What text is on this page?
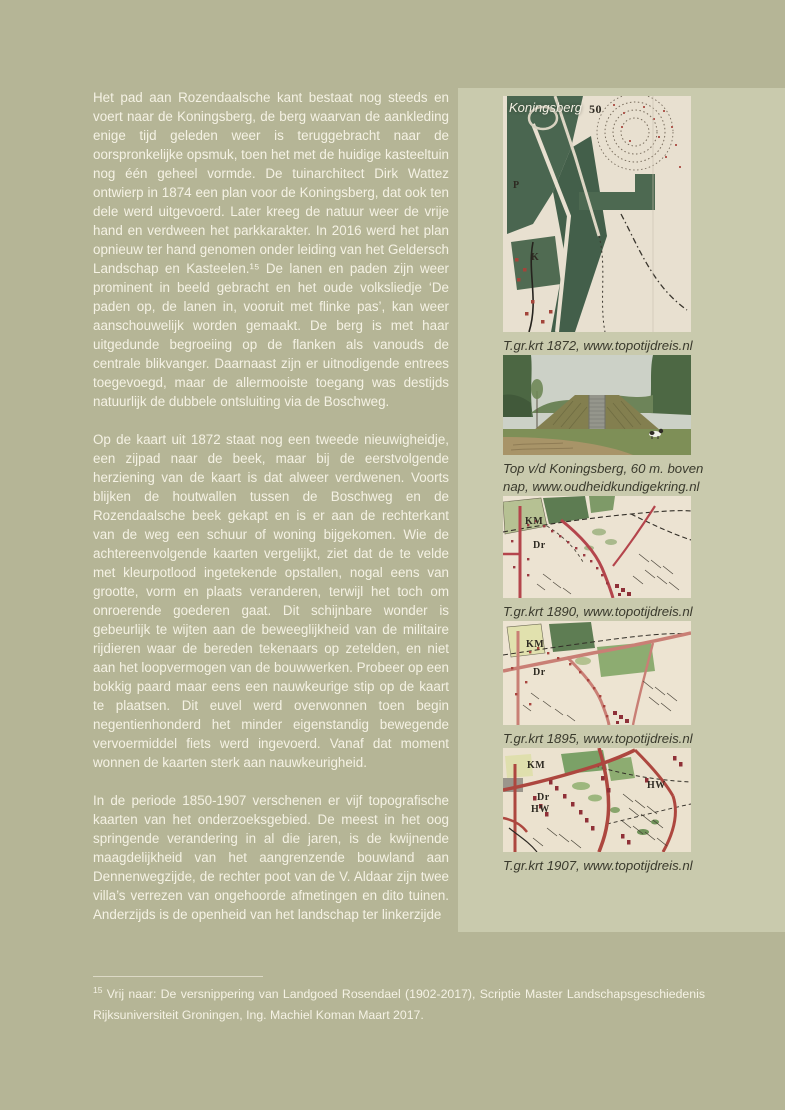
Koningsberg 50
P
K
T.gr.krt 1872, www.topotijdreis.nl
Top v/d Koningsberg, 60 m. boven nap, www.oudheidkundigekring.nl
KM
Dr
T.gr.krt 1890, www.topotijdreis.nl
KM
Dr
T.gr.krt 1895, www.topotijdreis.nl
KM
Dr
HW
HW
T.gr.krt 1907, www.topotijdreis.nl

Het pad aan Rozendaalsche kant bestaat nog steeds en voert naar de Koningsberg, de berg waarvan de aankleding enige tijd geleden weer is teruggebracht naar de oorspronkelijke opsmuk, toen het met de huidige kasteeltuin nog één geheel vormde. De tuinarchitect Dirk Wattez ontwierp in 1874 een plan voor de Koningsberg, dat ook ten dele werd uitgevoerd. Later kreeg de natuur weer de vrije hand en verdween het parkkarakter. In 2016 werd het plan opnieuw ter hand genomen onder leiding van het Geldersch Landschap en Kasteelen.¹⁵ De lanen en paden zijn weer prominent in beeld gebracht en het oude volksliedje ‘De paden op, de lanen in, vooruit met flinke pas’, kan weer aanschouwelijk worden gemaakt. De berg is met haar uitgedunde begroeiing op de flanken als vanouds de centrale blikvanger. Daarnaast zijn er uitnodigende entrees toegevoegd, maar de allermooiste toegang was destijds natuurlijk de dubbele ontsluiting via de Boschweg.

Op de kaart uit 1872 staat nog een tweede nieuwigheidje, een zijpad naar de beek, maar bij de eerstvolgende herziening van de kaart is dat alweer verdwenen. Voorts blijken de houtwallen tussen de Boschweg en de Rozendaalsche beek gekapt en is er aan de rechterkant van de weg een schuur of woning bijgekomen. Wie de achtereenvolgende kaarten vergelijkt, ziet dat de te velde met kleurpotlood ingetekende opstallen, nogal eens van grootte, vorm en plaats veranderen, terwijl het toch om onroerende goederen gaat. Dit schijnbare wonder is gebeurlijk te wijten aan de beweeglijkheid van de militaire rijdieren waar de bereden tekenaars op zetelden, en niet aan het loopvermogen van de bouwwerken. Probeer op een bokkig paard maar eens een nauwkeurige stip op de kaart te plaatsen. Dit euvel werd overwonnen toen begin negentienhonderd het minder eigenstandig bewegende vervoermiddel fiets werd ingevoerd. Vanaf dat moment wonnen de kaarten sterk aan nauwkeurigheid.

In de periode 1850-1907 verschenen er vijf topografische kaarten van het onderzoeksgebied. De meest in het oog springende verandering in al die jaren, is de kwijnende maagdelijkheid van het aangrenzende bouwland aan Dennenwegzijde, de rechter poot van de V. Aldaar zijn twee villa’s verrezen van ongehoorde afmetingen en dito tuinen. Anderzijds is de openheid van het landschap ter linkerzijde

$^{15}$ Vrij naar: De versnippering van Landgoed Rosendael (1902-2017), Scriptie Master Landschapsgeschiedenis Rijksuniversiteit Groningen, Ing. Machiel Koman Maart 2017.
